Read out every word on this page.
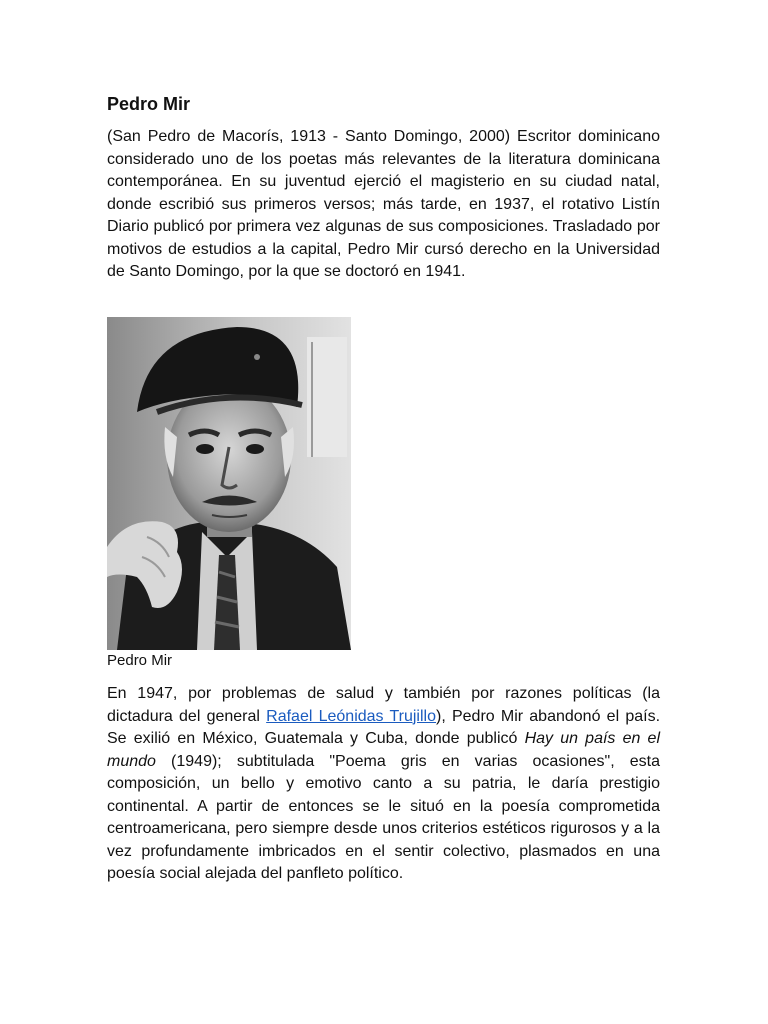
Pedro Mir

(San Pedro de Macorís, 1913 - Santo Domingo, 2000) Escritor dominicano considerado uno de los poetas más relevantes de la literatura dominicana contemporánea. En su juventud ejerció el magisterio en su ciudad natal, donde escribió sus primeros versos; más tarde, en 1937, el rotativo Listín Diario publicó por primera vez algunas de sus composiciones. Trasladado por motivos de estudios a la capital, Pedro Mir cursó derecho en la Universidad de Santo Domingo, por la que se doctoró en 1941.

Pedro Mir

En 1947, por problemas de salud y también por razones políticas (la dictadura del general Rafael Leónidas Trujillo), Pedro Mir abandonó el país. Se exilió en México, Guatemala y Cuba, donde publicó Hay un país en el mundo (1949); subtitulada "Poema gris en varias ocasiones", esta composición, un bello y emotivo canto a su patria, le daría prestigio continental. A partir de entonces se le situó en la poesía comprometida centroamericana, pero siempre desde unos criterios estéticos rigurosos y a la vez profundamente imbricados en el sentir colectivo, plasmados en una poesía social alejada del panfleto político.
